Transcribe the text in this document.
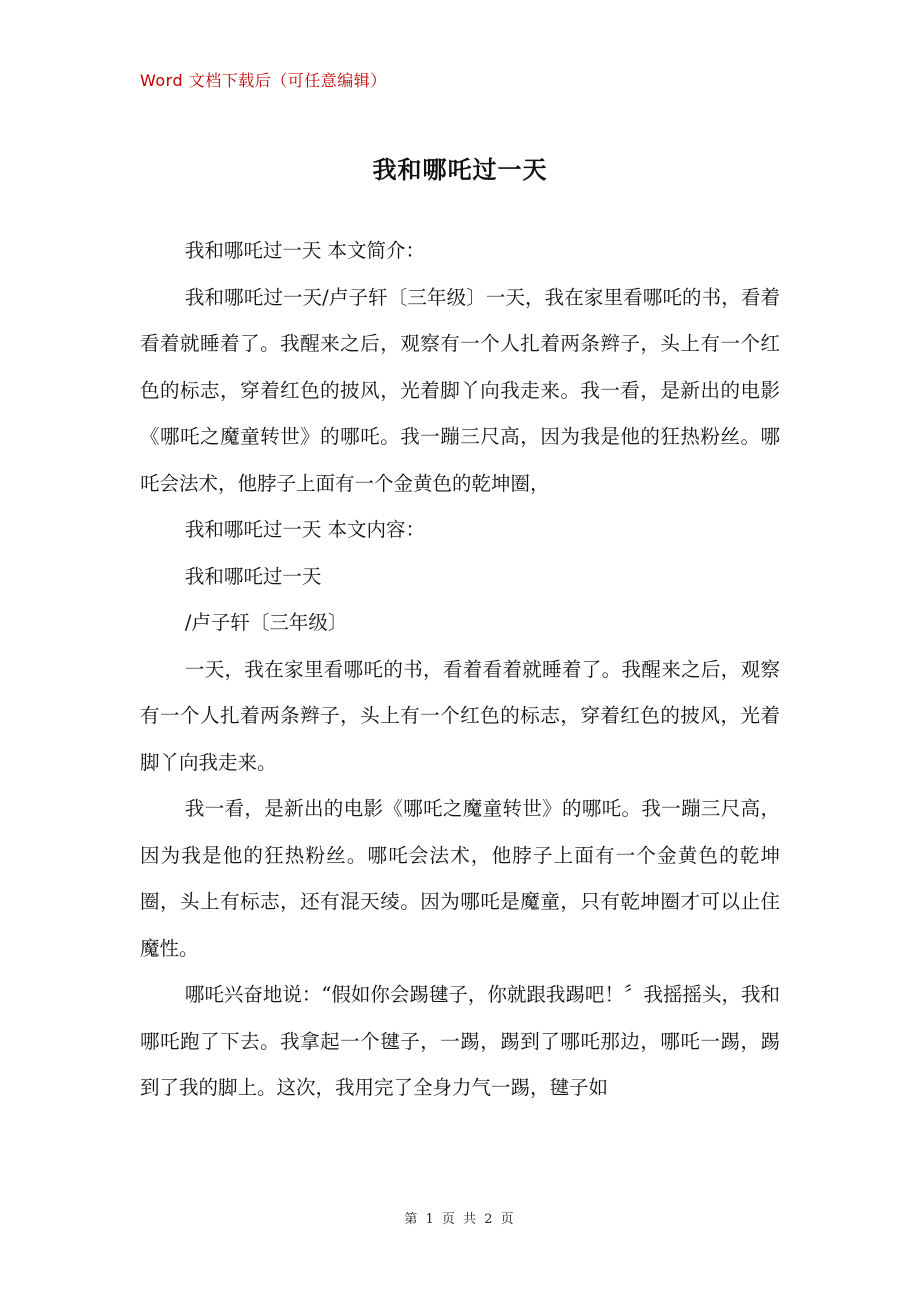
Word 文档下载后（可任意编辑）
我和哪吒过一天

我和哪吒过一天 本文简介：

我和哪吒过一天/卢子轩〔三年级〕一天，我在家里看哪吒的书，看着看着就睡着了。我醒来之后，观察有一个人扎着两条辫子，头上有一个红色的标志，穿着红色的披风，光着脚丫向我走来。我一看，是新出的电影《哪吒之魔童转世》的哪吒。我一蹦三尺高，因为我是他的狂热粉丝。哪吒会法术，他脖子上面有一个金黄色的乾坤圈，

我和哪吒过一天 本文内容：

我和哪吒过一天

/卢子轩〔三年级〕

一天，我在家里看哪吒的书，看着看着就睡着了。我醒来之后，观察有一个人扎着两条辫子，头上有一个红色的标志，穿着红色的披风，光着脚丫向我走来。

我一看，是新出的电影《哪吒之魔童转世》的哪吒。我一蹦三尺高，因为我是他的狂热粉丝。哪吒会法术，他脖子上面有一个金黄色的乾坤圈，头上有标志，还有混天绫。因为哪吒是魔童，只有乾坤圈才可以止住魔性。

哪吒兴奋地说：“假如你会踢毽子，你就跟我踢吧！〞我摇摇头，我和哪吒跑了下去。我拿起一个毽子，一踢，踢到了哪吒那边，哪吒一踢，踢到了我的脚上。这次，我用完了全身力气一踢，毽子如

第 1 页 共 2 页
